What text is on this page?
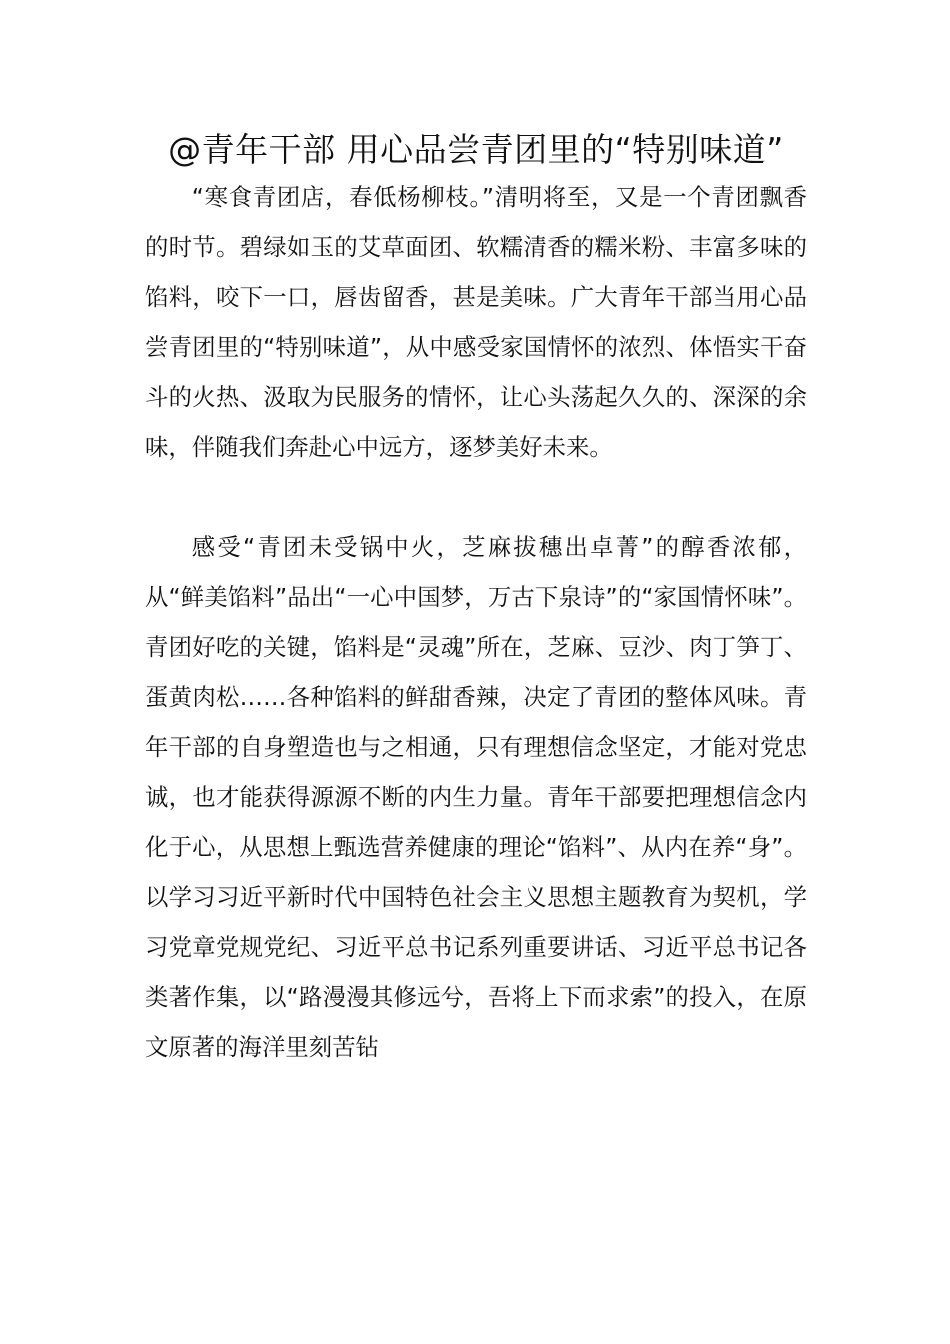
@青年干部 用心品尝青团里的“特别味道”

“寒食青团店，春低杨柳枝。”清明将至，又是一个青团飘香的时节。碧绿如玉的艾草面团、软糯清香的糯米粉、丰富多味的馅料，咬下一口，唇齿留香，甚是美味。广大青年干部当用心品尝青团里的“特别味道”，从中感受家国情怀的浓烈、体悟实干奋斗的火热、汲取为民服务的情怀，让心头荡起久久的、深深的余味，伴随我们奔赴心中远方，逐梦美好未来。

感受“青团未受锅中火，芝麻拔穗出卓菁”的醇香浓郁，从“鲜美馅料”品出“一心中国梦，万古下泉诗”的“家国情怀味”。青团好吃的关键，馅料是“灵魂”所在，芝麻、豆沙、肉丁笋丁、蛋黄肉松……各种馅料的鲜甜香辣，决定了青团的整体风味。青年干部的自身塑造也与之相通，只有理想信念坚定，才能对党忠诚，也才能获得源源不断的内生力量。青年干部要把理想信念内化于心，从思想上甄选营养健康的理论“馅料”、从内在养“身”。以学习习近平新时代中国特色社会主义思想主题教育为契机，学习党章党规党纪、习近平总书记系列重要讲话、习近平总书记各类著作集，以“路漫漫其修远兮，吾将上下而求索”的投入，在原文原著的海洋里刻苦钻
